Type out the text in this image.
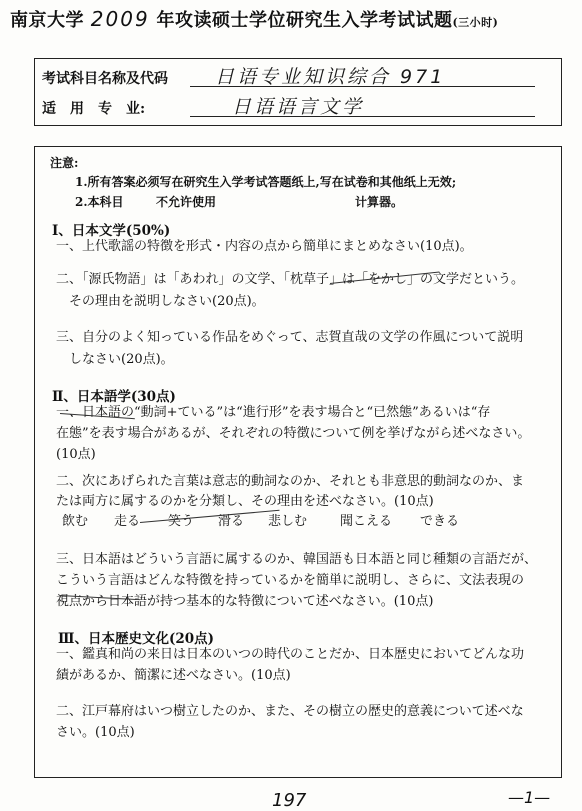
南京大学 2009 年攻读硕士学位研究生入学考试试题(三小时)
考试科目名称及代码 日语专业知识综合 971
适　用　专　业:	日语语言文学
注意:
1.所有答案必须写在研究生入学考试答题纸上,写在试卷和其他纸上无效;
2.本科目	不允许使用	计算器。
Ⅰ、日本文学(50%)
一、上代歌謡の特徴を形式・内容の点から簡単にまとめなさい(10点)。
二、「源氏物語」は「あわれ」の文学、「枕草子」は「をかし」の文学だという。
　その理由を説明しなさい(20点)。
三、自分のよく知っている作品をめぐって、志賀直哉の文学の作風について説明
　しなさい(20点)。
Ⅱ、日本語学(30点)
一、日本語の“動詞+ている”は“進行形”を表す場合と“已然態”あるいは“存
在態”を表す場合があるが、それぞれの特徴について例を挙げながら述べなさい。
(10点)
二、次にあげられた言葉は意志的動詞なのか、それとも非意思的動詞なのか、ま
たは両方に属するのかを分類し、その理由を述べなさい。(10点)
飲む 走る 笑う 滑る 悲しむ	聞こえる できる
三、日本語はどういう言語に属するのか、韓国語も日本語と同じ種類の言語だが、
こういう言語はどんな特徴を持っているかを簡単に説明し、さらに、文法表現の
視点から日本語が持つ基本的な特徴について述べなさい。(10点)
Ⅲ、日本歴史文化(20点)
一、鑑真和尚の来日は日本のいつの時代のことだか、日本歴史においてどんな功
績があるか、簡潔に述べなさい。(10点)
二、江戸幕府はいつ樹立したのか、また、その樹立の歴史的意義について述べな
さい。(10点)
197	—1—
